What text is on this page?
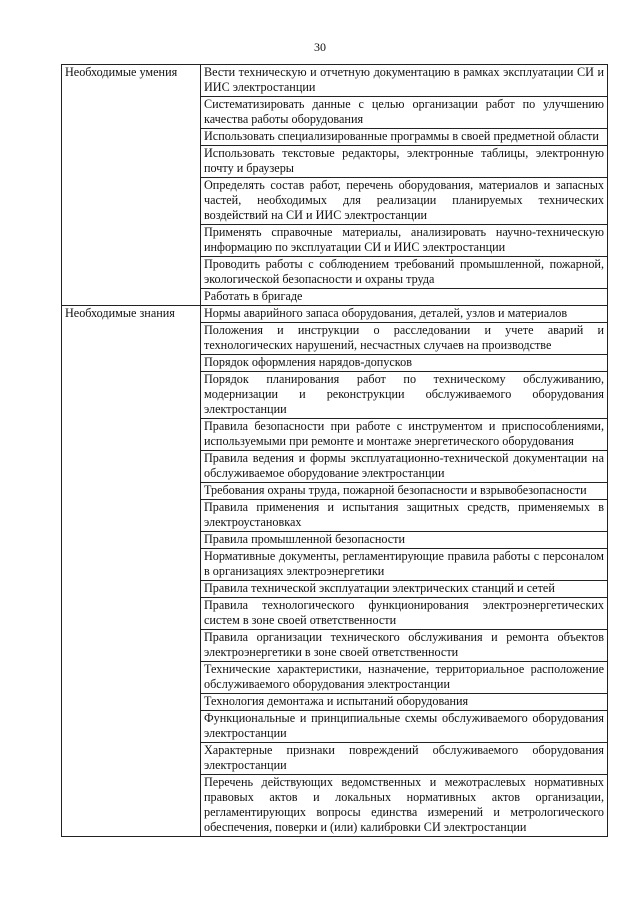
30
Необходимые умения	Вести техническую и отчетную документацию в рамках эксплуатации СИ и ИИС электростанции
	Систематизировать данные с целью организации работ по улучшению качества работы оборудования
	Использовать специализированные программы в своей предметной области
	Использовать текстовые редакторы, электронные таблицы, электронную почту и браузеры
	Определять состав работ, перечень оборудования, материалов и запасных частей, необходимых для реализации планируемых технических воздействий на СИ и ИИС электростанции
	Применять справочные материалы, анализировать научно-техническую информацию по эксплуатации СИ и ИИС электростанции
	Проводить работы с соблюдением требований промышленной, пожарной, экологической безопасности и охраны труда
	Работать в бригаде
Необходимые знания	Нормы аварийного запаса оборудования, деталей, узлов и материалов
	Положения и инструкции о расследовании и учете аварий и технологических нарушений, несчастных случаев на производстве
	Порядок оформления нарядов-допусков
	Порядок планирования работ по техническому обслуживанию, модернизации и реконструкции обслуживаемого оборудования электростанции
	Правила безопасности при работе с инструментом и приспособлениями, используемыми при ремонте и монтаже энергетического оборудования
	Правила ведения и формы эксплуатационно-технической документации на обслуживаемое оборудование электростанции
	Требования охраны труда, пожарной безопасности и взрывобезопасности
	Правила применения и испытания защитных средств, применяемых в электроустановках
	Правила промышленной безопасности
	Нормативные документы, регламентирующие правила работы с персоналом в организациях электроэнергетики
	Правила технической эксплуатации электрических станций и сетей
	Правила технологического функционирования электроэнергетических систем в зоне своей ответственности
	Правила организации технического обслуживания и ремонта объектов электроэнергетики в зоне своей ответственности
	Технические характеристики, назначение, территориальное расположение обслуживаемого оборудования электростанции
	Технология демонтажа и испытаний оборудования
	Функциональные и принципиальные схемы обслуживаемого оборудования электростанции
	Характерные признаки повреждений обслуживаемого оборудования электростанции
	Перечень действующих ведомственных и межотраслевых нормативных правовых актов и локальных нормативных актов организации, регламентирующих вопросы единства измерений и метрологического обеспечения, поверки и (или) калибровки СИ электростанции
